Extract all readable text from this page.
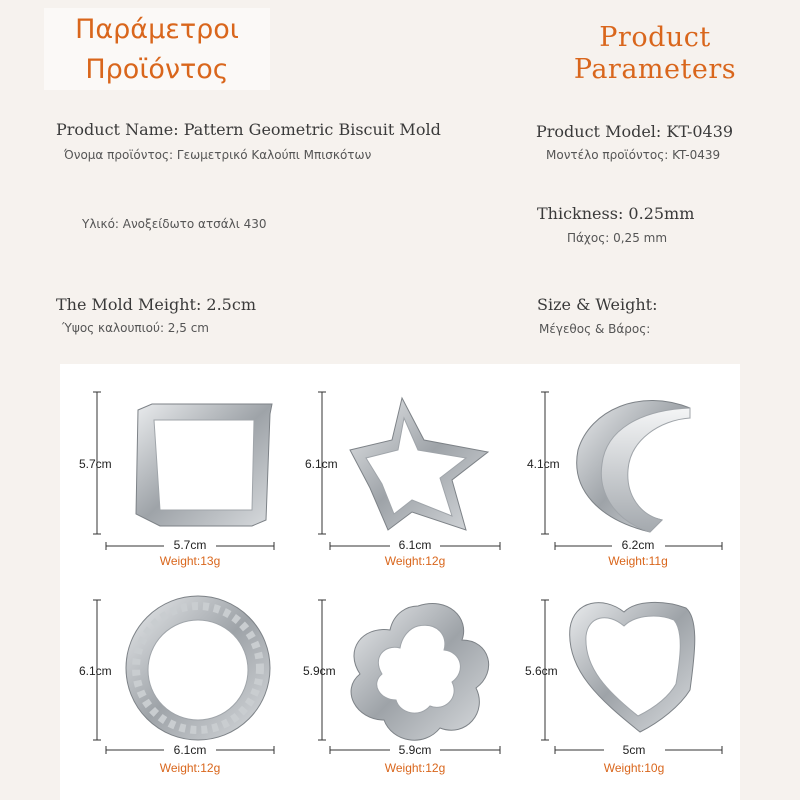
Παράμετροι
Προϊόντος
Product
Parameters
Product Name: Pattern Geometric Biscuit Mold
Όνομα προϊόντος: Γεωμετρικό Καλούπι Μπισκότων
Product Model: KT-0439
Μοντέλο προϊόντος: KT-0439
Υλικό: Ανοξείδωτο ατσάλι 430
Thickness: 0.25mm
Πάχος: 0,25 mm
The Mold Meight: 2.5cm
Ύψος καλουπιού: 2,5 cm
Size & Weight:
Μέγεθος & Βάρος:
5.7cm
5.7cm
Weight:13g
6.1cm
6.1cm
Weight:12g
4.1cm
6.2cm
Weight:11g
6.1cm
6.1cm
Weight:12g
5.9cm
5.9cm
Weight:12g
5.6cm
5cm
Weight:10g
